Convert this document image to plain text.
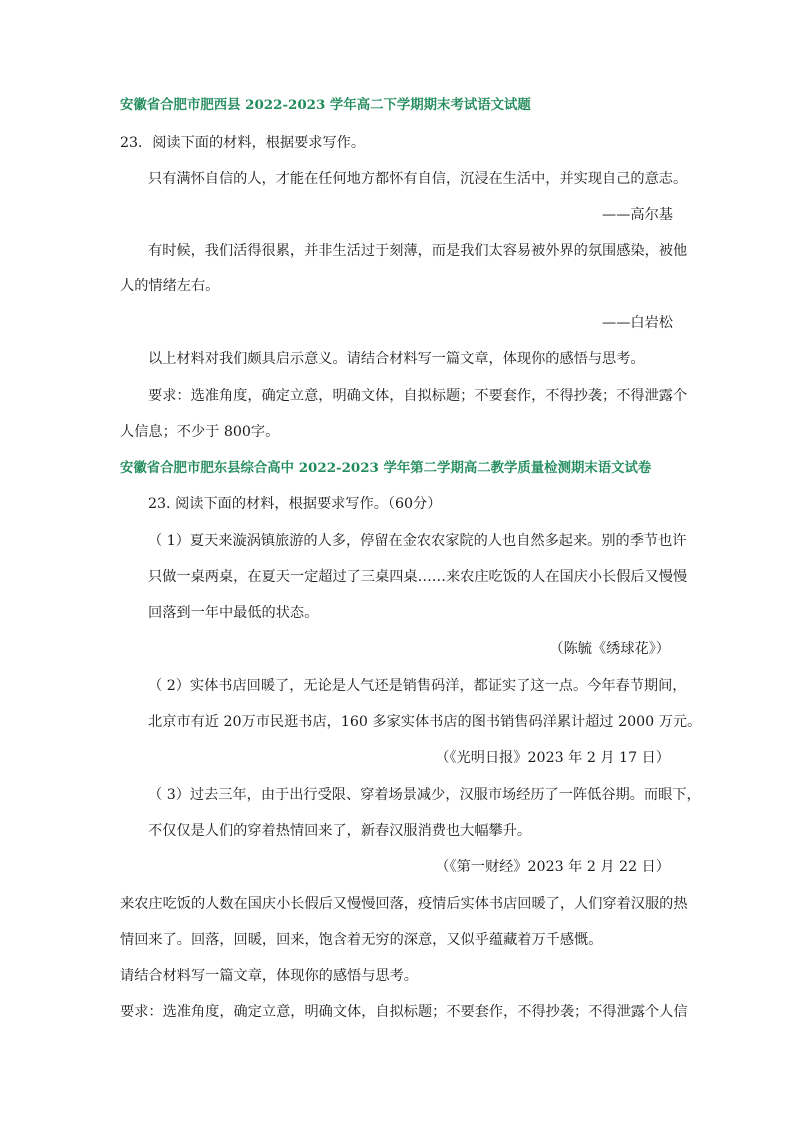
安徽省合肥市肥西县 2022-2023 学年高二下学期期末考试语文试题
23．阅读下面的材料，根据要求写作。
只有满怀自信的人，才能在任何地方都怀有自信，沉浸在生活中，并实现自己的意志。
——高尔基
有时候，我们活得很累，并非生活过于刻薄，而是我们太容易被外界的氛围感染，被他
人的情绪左右。
——白岩松
以上材料对我们颇具启示意义。请结合材料写一篇文章，体现你的感悟与思考。
要求：选准角度，确定立意，明确文体，自拟标题；不要套作，不得抄袭；不得泄露个
人信息；不少于 800字。
安徽省合肥市肥东县综合高中 2022-2023 学年第二学期高二教学质量检测期末语文试卷
23. 阅读下面的材料，根据要求写作。（60分）
（ 1）夏天来漩涡镇旅游的人多，停留在金农农家院的人也自然多起来。别的季节也许
只做一桌两桌，在夏天一定超过了三桌四桌……来农庄吃饭的人在国庆小长假后又慢慢
回落到一年中最低的状态。
（陈毓《绣球花》）
（ 2）实体书店回暖了，无论是人气还是销售码洋，都证实了这一点。今年春节期间，
北京市有近 20万市民逛书店，160 多家实体书店的图书销售码洋累计超过 2000 万元。
（《光明日报》2023 年 2 月 17 日）
（ 3）过去三年，由于出行受限、穿着场景减少，汉服市场经历了一阵低谷期。而眼下，
不仅仅是人们的穿着热情回来了，新春汉服消费也大幅攀升。
（《第一财经》2023 年 2 月 22 日）
来农庄吃饭的人数在国庆小长假后又慢慢回落，疫情后实体书店回暖了，人们穿着汉服的热
情回来了。回落，回暖，回来，饱含着无穷的深意，又似乎蕴藏着万千感慨。
请结合材料写一篇文章，体现你的感悟与思考。
要求：选准角度，确定立意，明确文体，自拟标题；不要套作，不得抄袭；不得泄露个人信
